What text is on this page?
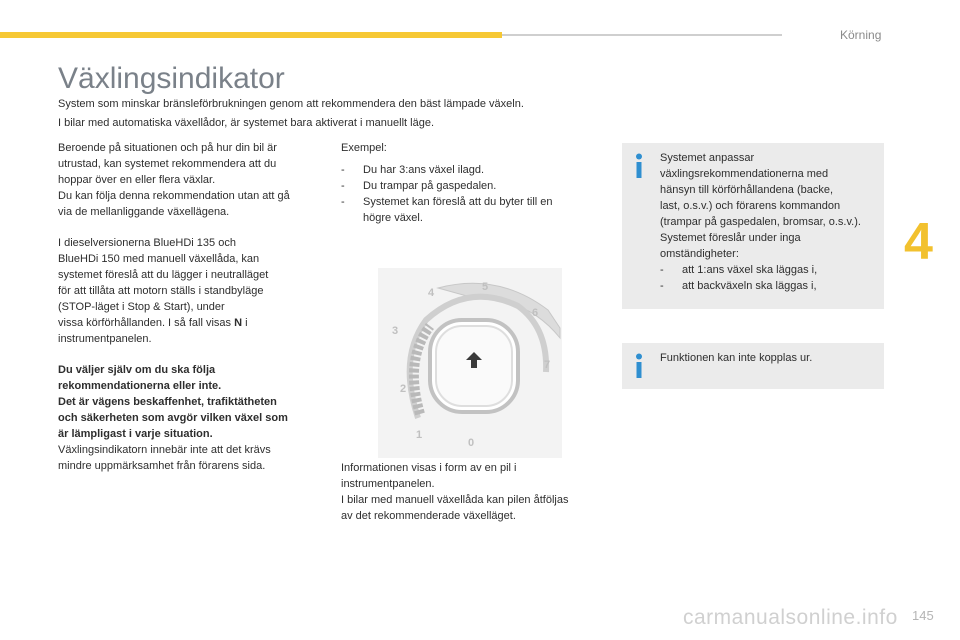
Körning
4
Växlingsindikator
System som minskar bränsleförbrukningen genom att rekommendera den bäst lämpade växeln.
I bilar med automatiska växellådor, är systemet bara aktiverat i manuellt läge.

Beroende på situationen och på hur din bil är
utrustad, kan systemet rekommendera att du
hoppar över en eller flera växlar.
Du kan följa denna rekommendation utan att gå
via de mellanliggande växellägena.

I dieselversionerna BlueHDi 135 och
BlueHDi 150 med manuell växellåda, kan
systemet föreslå att du lägger i neutralläget
för att tillåta att motorn ställs i standbyläge
(STOP-läget i Stop & Start), under
vissa körförhållanden. I så fall visas N i
instrumentpanelen.

Du väljer själv om du ska följa
rekommendationerna eller inte.
Det är vägens beskaffenhet, trafiktätheten
och säkerheten som avgör vilken växel som
är lämpligast i varje situation.
Växlingsindikatorn innebär inte att det krävs
mindre uppmärksamhet från förarens sida.

Exempel:

- Du har 3:ans växel ilagd.
- Du trampar på gaspedalen.
- Systemet kan föreslå att du byter till en
högre växel.
0
1
2
3
4	5
6
7

Informationen visas i form av en pil i
instrumentpanelen.
I bilar med manuell växellåda kan pilen åtföljas
av det rekommenderade växelläget.

Systemet anpassar
växlingsrekommendationerna med
hänsyn till körförhållandena (backe,
last, o.s.v.) och förarens kommandon
(trampar på gaspedalen, bromsar, o.s.v.).
Systemet föreslår under inga
omständigheter:
- att 1:ans växel ska läggas i,
- att backväxeln ska läggas i,
Funktionen kan inte kopplas ur.
carmanualsonline.info 145
